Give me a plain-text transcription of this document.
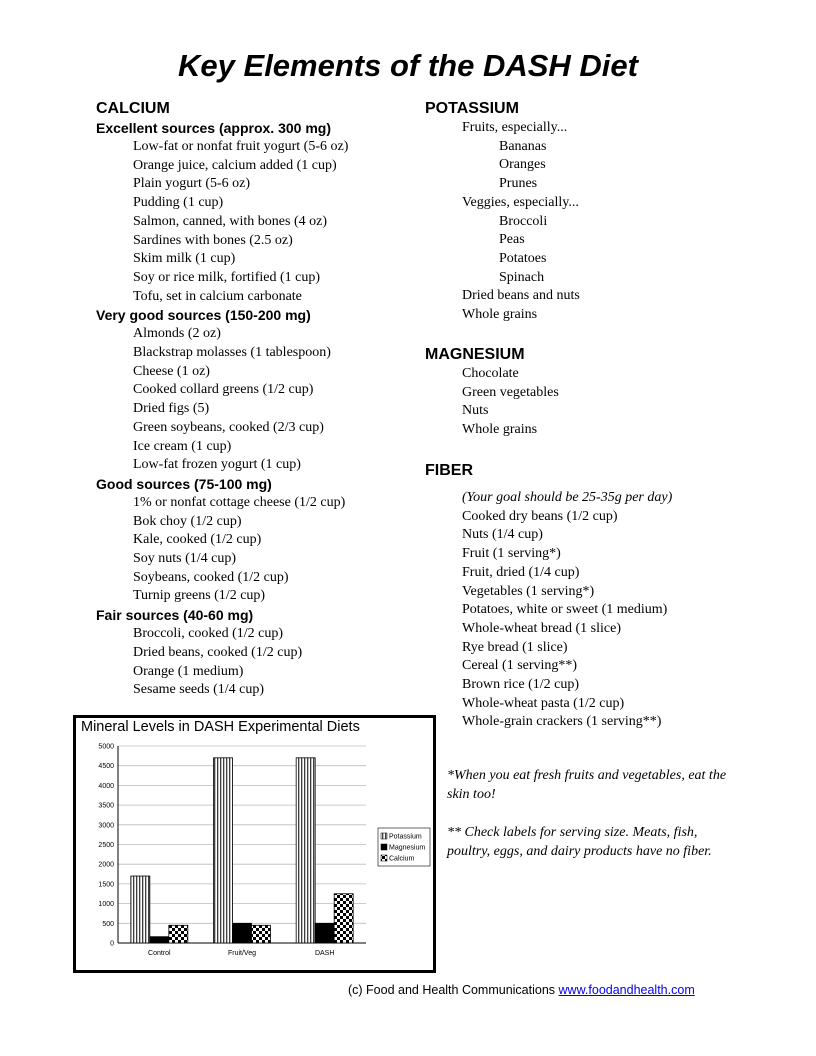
Key Elements of the DASH Diet
CALCIUM
Excellent sources (approx. 300 mg)
Low-fat or nonfat fruit yogurt (5-6 oz)
Orange juice, calcium added (1 cup)
Plain yogurt (5-6 oz)
Pudding (1 cup)
Salmon, canned, with bones (4 oz)
Sardines with bones (2.5 oz)
Skim milk (1 cup)
Soy or rice milk, fortified (1 cup)
Tofu, set in calcium carbonate
Very good sources (150-200 mg)
Almonds (2 oz)
Blackstrap molasses (1 tablespoon)
Cheese (1 oz)
Cooked collard greens (1/2 cup)
Dried figs (5)
Green soybeans, cooked (2/3 cup)
Ice cream (1 cup)
Low-fat frozen yogurt (1 cup)
Good sources (75-100 mg)
1% or nonfat cottage cheese (1/2 cup)
Bok choy (1/2 cup)
Kale, cooked (1/2 cup)
Soy nuts (1/4 cup)
Soybeans, cooked (1/2 cup)
Turnip greens (1/2 cup)
Fair sources (40-60 mg)
Broccoli, cooked (1/2 cup)
Dried beans, cooked (1/2 cup)
Orange (1 medium)
Sesame seeds (1/4 cup)
POTASSIUM
Fruits, especially...
Bananas
Oranges
Prunes
Veggies, especially...
Broccoli
Peas
Potatoes
Spinach
Dried beans and nuts
Whole grains
MAGNESIUM
Chocolate
Green vegetables
Nuts
Whole grains
FIBER
(Your goal should be 25-35g per day)
Cooked dry beans (1/2 cup)
Nuts (1/4 cup)
Fruit (1 serving*)
Fruit, dried (1/4 cup)
Vegetables (1 serving*)
Potatoes, white or sweet (1 medium)
Whole-wheat bread (1 slice)
Rye bread (1 slice)
Cereal (1 serving**)
Brown rice (1/2 cup)
Whole-wheat pasta (1/2 cup)
Whole-grain crackers (1 serving**)
*When you eat fresh fruits and vegetables, eat the skin too!
** Check labels for serving size. Meats, fish, poultry, eggs, and dairy products have no fiber.
Mineral Levels in DASH Experimental Diets
0
500
1000
1500
2000
2500
3000
3500
4000
4500
5000
Control	Fruit/Veg	DASH
Potassium
Magnesium
Calcium
(c) Food and Health Communications www.foodandhealth.com
